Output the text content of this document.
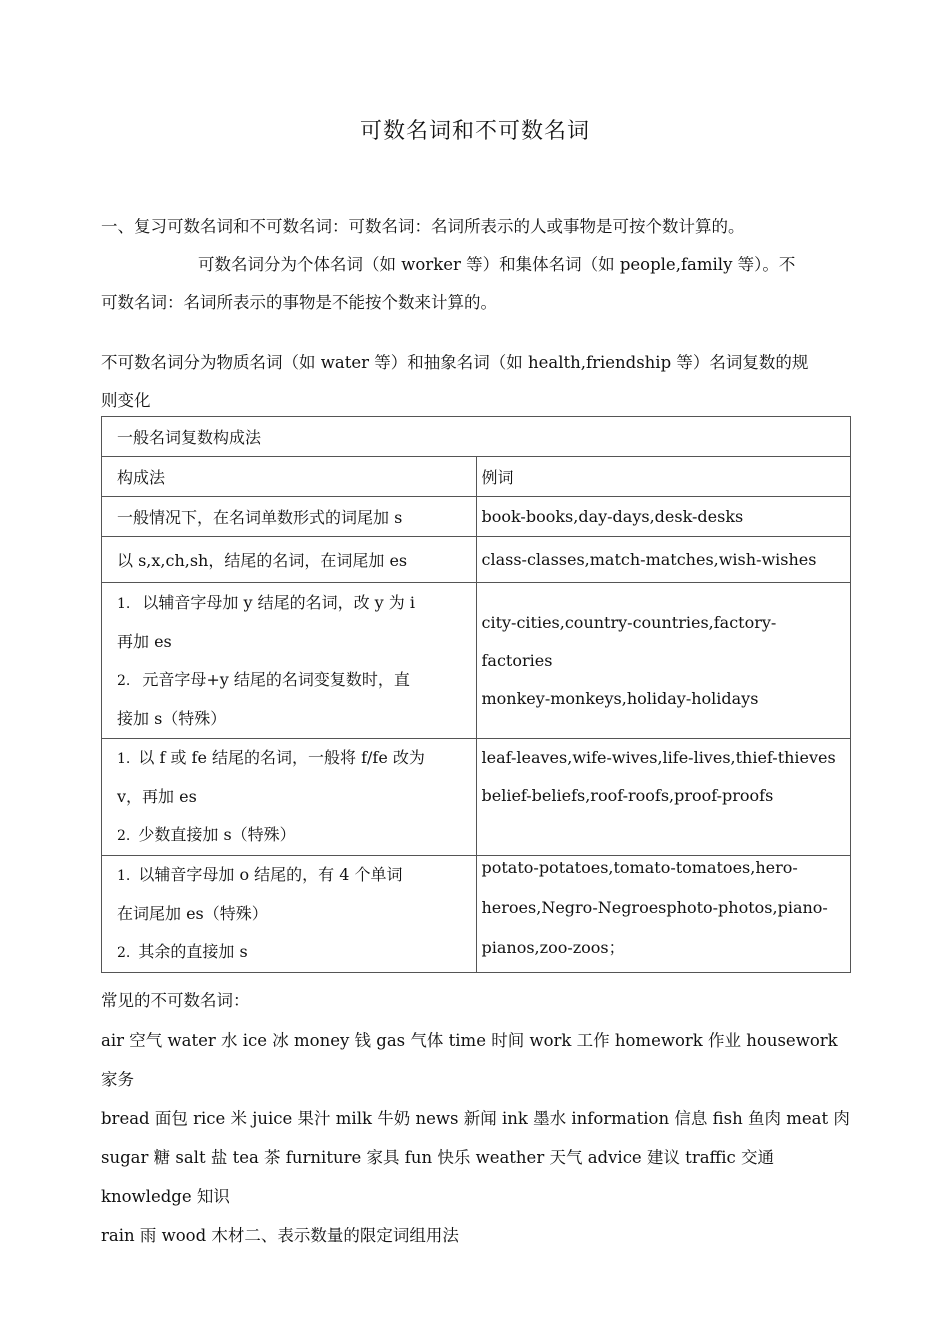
可数名词和不可数名词

一、复习可数名词和不可数名词：可数名词：名词所表示的人或事物是可按个数计算的。

可数名词分为个体名词（如 worker 等）和集体名词（如 people,family 等）。不
可数名词：名词所表示的事物是不能按个数来计算的。

不可数名词分为物质名词（如 water 等）和抽象名词（如 health,friendship 等）名词复数的规
则变化

一般名词复数构成法	
构成法	例词
一般情况下，在名词单数形式的词尾加 s	book-books,day-days,desk-desks
以 s,x,ch,sh，结尾的名词，在词尾加 es	class-classes,match-matches,wish-wishes

1. 以辅音字母加 y 结尾的名词，改 y 为 i
再加 es
2. 元音字母+y 结尾的名词变复数时，直
接加 s（特殊）	city-cities,country-countries,factory-factories
monkey-monkeys,holiday-holidays

1. 以 f 或 fe 结尾的名词，一般将 f/fe 改为
v，再加 es
2. 少数直接加 s（特殊）	leaf-leaves,wife-wives,life-lives,thief-thieves
belief-beliefs,roof-roofs,proof-proofs

1. 以辅音字母加 o 结尾的，有 4 个单词
在词尾加 es（特殊）
2. 其余的直接加 s	potato-potatoes,tomato-tomatoes,hero-
heroes,Negro-Negroesphoto-photos,piano-
pianos,zoo-zoos；

常见的不可数名词：

air 空气 water 水 ice 冰 money 钱 gas 气体 time 时间 work 工作 homework 作业 housework 家务
bread 面包 rice 米 juice 果汁 milk 牛奶 news 新闻 ink 墨水 information 信息 fish 鱼肉 meat 肉
sugar 糖 salt 盐 tea 茶 furniture 家具 fun 快乐 weather 天气 advice 建议 traffic 交通 knowledge 知识
rain 雨 wood 木材二、表示数量的限定词组用法
